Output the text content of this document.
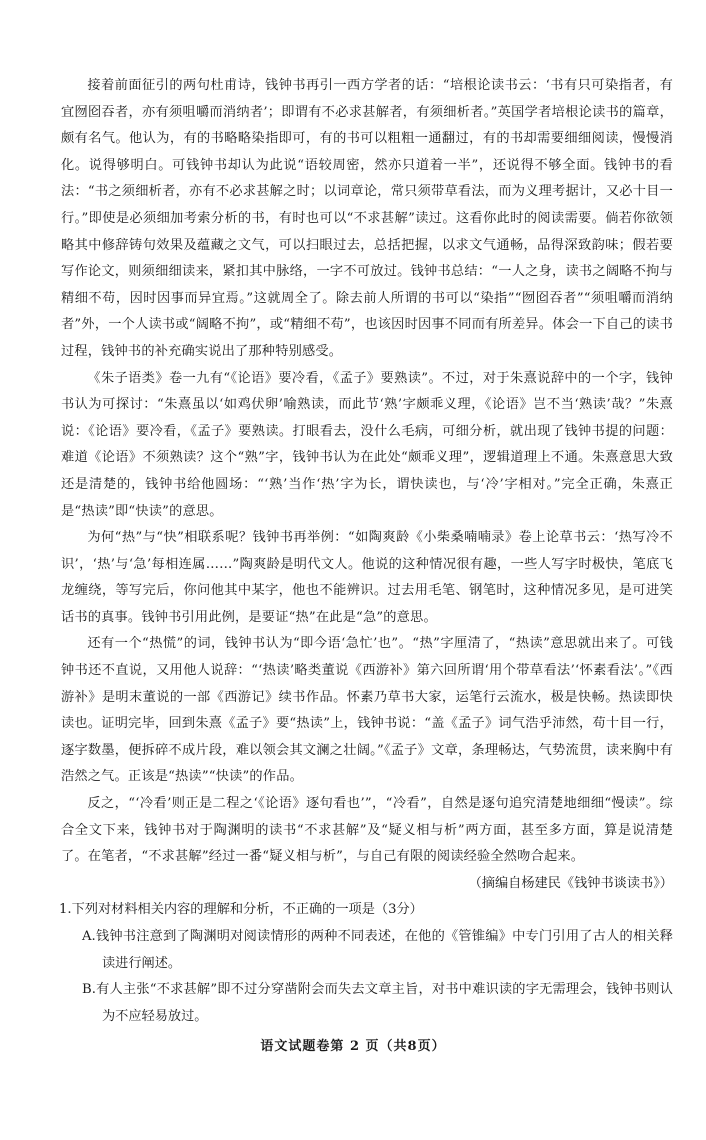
接着前面征引的两句杜甫诗，钱钟书再引一西方学者的话：“培根论读书云：‘书有只可染指者，有宜囫囵吞者，亦有须咀嚼而消纳者’；即谓有不必求甚解者，有须细析者。”英国学者培根论读书的篇章，颇有名气。他认为，有的书略略染指即可，有的书可以粗粗一通翻过，有的书却需要细细阅读，慢慢消化。说得够明白。可钱钟书却认为此说“语较周密，然亦只道着一半”，还说得不够全面。钱钟书的看法：“书之须细析者，亦有不必求甚解之时；以词章论，常只须带草看法，而为义理考据计，又必十目一行。”即使是必须细加考索分析的书，有时也可以“不求甚解”读过。这看你此时的阅读需要。倘若你欲领略其中修辞铸句效果及蕴藏之文气，可以扫眼过去，总括把握，以求文气通畅，品得深致韵味；假若要写作论文，则须细细读来，紧扣其中脉络，一字不可放过。钱钟书总结：“一人之身，读书之阔略不拘与精细不苟，因时因事而异宜焉。”这就周全了。除去前人所谓的书可以“染指”“囫囵吞者”“须咀嚼而消纳者”外，一个人读书或“阔略不拘”，或“精细不苟”，也该因时因事不同而有所差异。体会一下自己的读书过程，钱钟书的补充确实说出了那种特别感受。

《朱子语类》卷一九有“《论语》要冷看，《孟子》要熟读”。不过，对于朱熹说辞中的一个字，钱钟书认为可探讨：“朱熹虽以‘如鸡伏卵’喻熟读，而此节‘熟’字颇乖义理，《论语》岂不当‘熟读’哉？”朱熹说：《论语》要冷看，《孟子》要熟读。打眼看去，没什么毛病，可细分析，就出现了钱钟书提的问题：难道《论语》不须熟读？这个“熟”字，钱钟书认为在此处“颇乖义理”，逻辑道理上不通。朱熹意思大致还是清楚的，钱钟书给他圆场：“‘熟’当作‘热’字为长，谓快读也，与‘冷’字相对。”完全正确，朱熹正是“热读”即“快读”的意思。

为何“热”与“快”相联系呢？钱钟书再举例：“如陶爽龄《小柴桑喃喃录》卷上论草书云：‘热写冷不识’，‘热’与‘急’每相连属……”陶爽龄是明代文人。他说的这种情况很有趣，一些人写字时极快，笔底飞龙缠绕，等写完后，你问他其中某字，他也不能辨识。过去用毛笔、钢笔时，这种情况多见，是可进笑话书的真事。钱钟书引用此例，是要证“热”在此是“急”的意思。

还有一个“热慌”的词，钱钟书认为“即今语‘急忙’也”。“热”字厘清了，“热读”意思就出来了。可钱钟书还不直说，又用他人说辞：“‘热读’略类董说《西游补》第六回所谓‘用个带草看法’‘怀素看法’。”《西游补》是明末董说的一部《西游记》续书作品。怀素乃草书大家，运笔行云流水，极是快畅。热读即快读也。证明完毕，回到朱熹《孟子》要“热读”上，钱钟书说：“盖《孟子》词气浩乎沛然，苟十目一行，逐字数墨，便拆碎不成片段，难以领会其文澜之壮阔。”《孟子》文章，条理畅达，气势流贯，读来胸中有浩然之气。正该是“热读”“快读”的作品。

反之，“‘冷看’则正是二程之‘《论语》逐句看也’”，“冷看”，自然是逐句追究清楚地细细“慢读”。综合全文下来，钱钟书对于陶渊明的读书“不求甚解”及“疑义相与析”两方面，甚至多方面，算是说清楚了。在笔者，“不求甚解”经过一番“疑义相与析”，与自己有限的阅读经验全然吻合起来。

（摘编自杨建民《钱钟书谈读书》）

1.下列对材料相关内容的理解和分析，不正确的一项是（3分）

A.钱钟书注意到了陶渊明对阅读情形的两种不同表述，在他的《管锥编》中专门引用了古人的相关释读进行阐述。

B.有人主张“不求甚解”即不过分穿凿附会而失去文章主旨，对书中难识读的字无需理会，钱钟书则认为不应轻易放过。

语文试题卷第 2 页（共8页）
